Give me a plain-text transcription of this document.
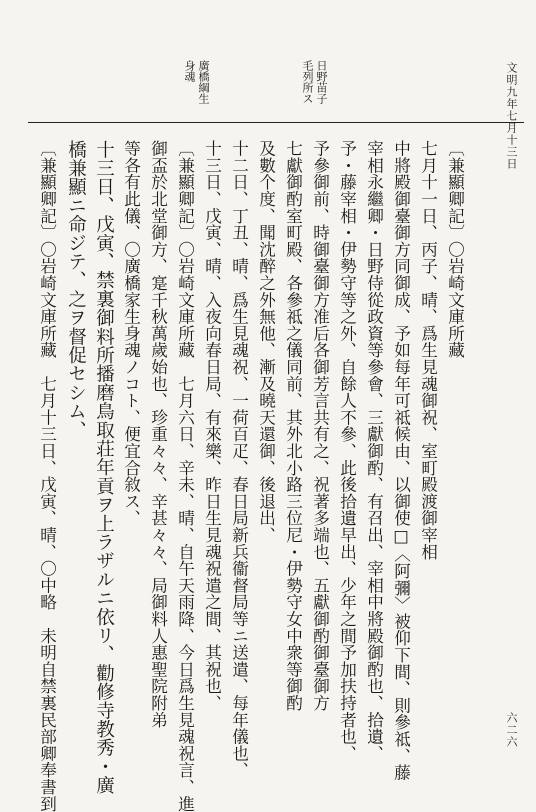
文明九年七月十三日
六二六
日野苗子
毛列所ス
廣橋綱生
身魂
〔兼顯卿記〕〇岩崎文庫所藏
七月十一日、丙子、晴、爲生見魂御祝、室町殿渡御宰相
中將殿御臺御方同御成、予如每年可祗候由、以御使□〈阿彌〉被仰下間、則參祗、藤
宰相永繼卿・日野侍從政資等參會、三獻御酌、有召出、宰相中將殿御酌也、拾遺、
予・藤宰相・伊勢守等之外、自餘人不參、此後拾遺早出、少年之間予加扶持者也、
予參御前、時御臺御方准后各御芳言共有之、祝著多端也、五獻御酌御臺御方
七獻御酌室町殿、各參祗之儀同前、其外北小路三位尼・伊勢守女中衆等御酌
及數个度、聞沈醉之外無他、漸及曉天還御、後退出、
十二日、丁丑、晴、爲生見魂祝、一荷百疋、春日局新兵衞督局等ニ送遣、每年儀也、
十三日、戊寅、晴、入夜向春日局、有來樂、昨日生見魂祝遣之間、其祝也、
〔兼顯卿記〕〇岩崎文庫所藏　七月六日、辛未、晴、自午天雨降、今日爲生見魂祝言、進
御盃於北堂御方、寔千秋萬歲始也、珍重々々、辛甚々々、局御料人惠聖院附弟
等各有此儀、〇廣橋家生身魂ノコト、便宜合敘ス、
十三日、戊寅、禁裏御料所播磨鳥取荘年貢ヲ上ラザルニ依リ、勸修寺教秀・廣
橋兼顯ニ命ジテ、之ヲ督促セシム、
〔兼顯卿記〕〇岩崎文庫所藏　七月十三日、戊寅、晴、〇中略　未明自禁裏民部卿奉書到
